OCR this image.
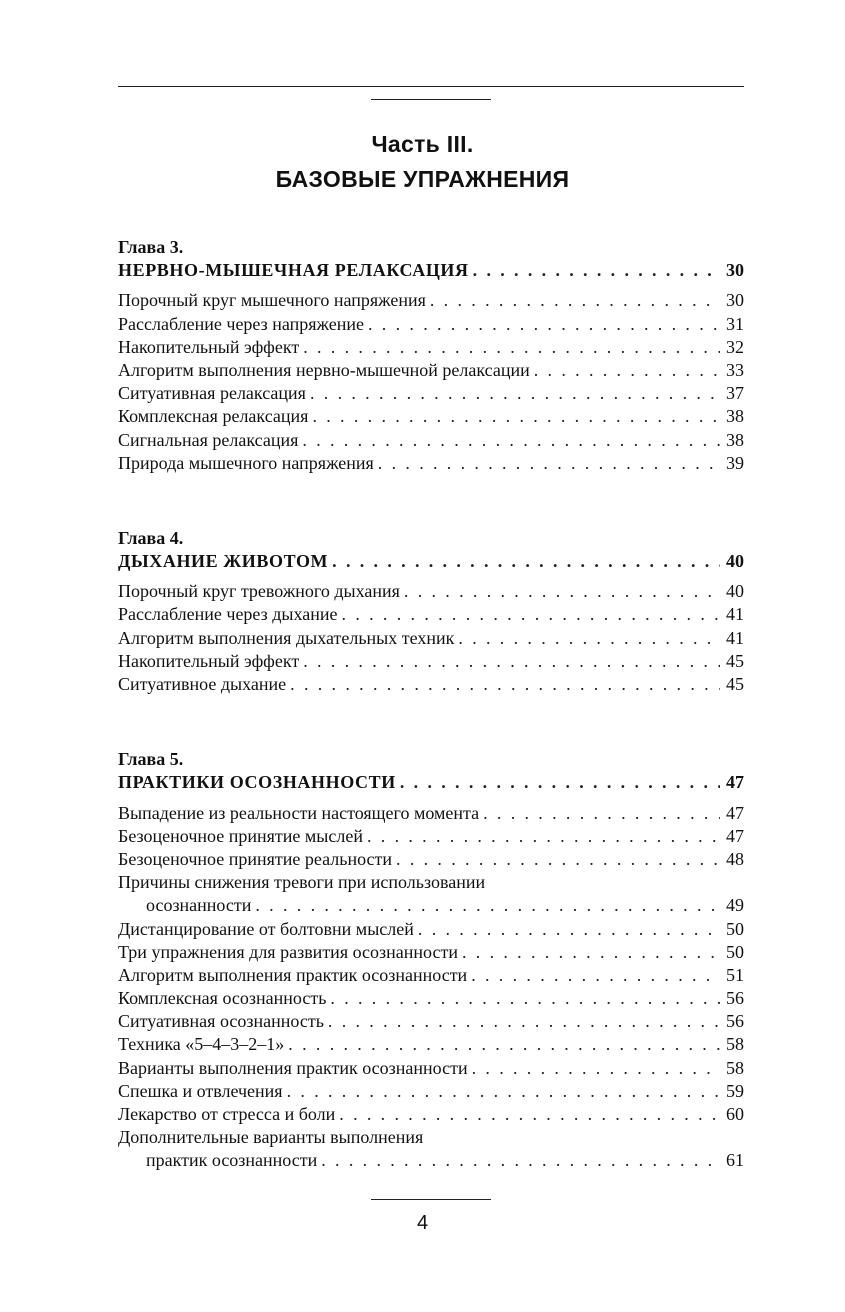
Часть III.
БАЗОВЫЕ УПРАЖНЕНИЯ
Глава 3.
НЕРВНО-МЫШЕЧНАЯ РЕЛАКСАЦИЯ . . .	30
Порочный круг мышечного напряжения . . .	30
Расслабление через напряжение . . .	31
Накопительный эффект . . .	32
Алгоритм выполнения нервно-мышечной релаксации . . .	33
Ситуативная релаксация . . .	37
Комплексная релаксация . . .	38
Сигнальная релаксация . . .	38
Природа мышечного напряжения . . .	39
Глава 4.
ДЫХАНИЕ ЖИВОТОМ . . .	40
Порочный круг тревожного дыхания . . .	40
Расслабление через дыхание . . .	41
Алгоритм выполнения дыхательных техник . . .	41
Накопительный эффект . . .	45
Ситуативное дыхание . . .	45
Глава 5.
ПРАКТИКИ ОСОЗНАННОСТИ . . .	47
Выпадение из реальности настоящего момента . . .	47
Безоценочное принятие мыслей . . .	47
Безоценочное принятие реальности . . .	48
Причины снижения тревоги при использовании
осознанности . . .	49
Дистанцирование от болтовни мыслей . . .	50
Три упражнения для развития осознанности . . .	50
Алгоритм выполнения практик осознанности . . .	51
Комплексная осознанность . . .	56
Ситуативная осознанность . . .	56
Техника «5–4–3–2–1» . . .	58
Варианты выполнения практик осознанности . . .	58
Спешка и отвлечения . . .	59
Лекарство от стресса и боли . . .	60
Дополнительные варианты выполнения
практик осознанности . . .	61
4
